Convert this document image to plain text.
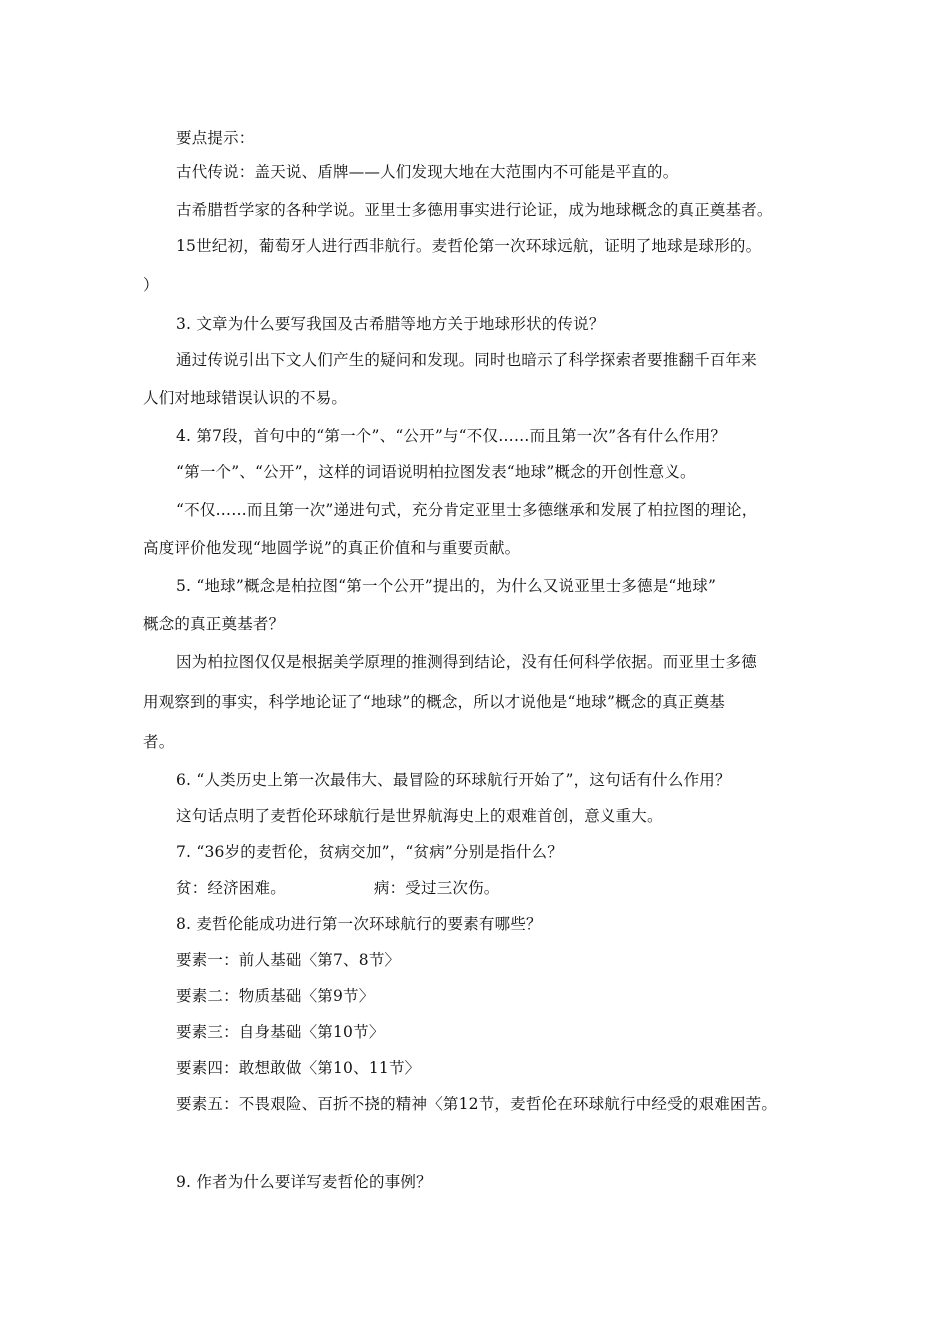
要点提示：
古代传说：盖天说、盾牌——人们发现大地在大范围内不可能是平直的。
古希腊哲学家的各种学说。亚里士多德用事实进行论证，成为地球概念的真正奠基者。
15世纪初，葡萄牙人进行西非航行。麦哲伦第一次环球远航，证明了地球是球形的。
）
3. 文章为什么要写我国及古希腊等地方关于地球形状的传说？
通过传说引出下文人们产生的疑问和发现。同时也暗示了科学探索者要推翻千百年来
人们对地球错误认识的不易。
4. 第7段，首句中的“第一个”、“公开”与“不仅……而且第一次”各有什么作用？
“第一个”、“公开”，这样的词语说明柏拉图发表“地球”概念的开创性意义。
“不仅……而且第一次”递进句式，充分肯定亚里士多德继承和发展了柏拉图的理论，
高度评价他发现“地圆学说”的真正价值和与重要贡献。
5. “地球”概念是柏拉图“第一个公开”提出的，为什么又说亚里士多德是“地球”
概念的真正奠基者？
因为柏拉图仅仅是根据美学原理的推测得到结论，没有任何科学依据。而亚里士多德
用观察到的事实，科学地论证了“地球”的概念，所以才说他是“地球”概念的真正奠基
者。
6. “人类历史上第一次最伟大、最冒险的环球航行开始了”，这句话有什么作用？
这句话点明了麦哲伦环球航行是世界航海史上的艰难首创，意义重大。
7. “36岁的麦哲伦，贫病交加”，“贫病”分别是指什么？
贫：经济困难。	病：受过三次伤。
8. 麦哲伦能成功进行第一次环球航行的要素有哪些？
要素一：前人基础〈第7、8节〉
要素二：物质基础〈第9节〉
要素三：自身基础〈第10节〉
要素四：敢想敢做〈第10、11节〉
要素五：不畏艰险、百折不挠的精神〈第12节，麦哲伦在环球航行中经受的艰难困苦。
9. 作者为什么要详写麦哲伦的事例？
